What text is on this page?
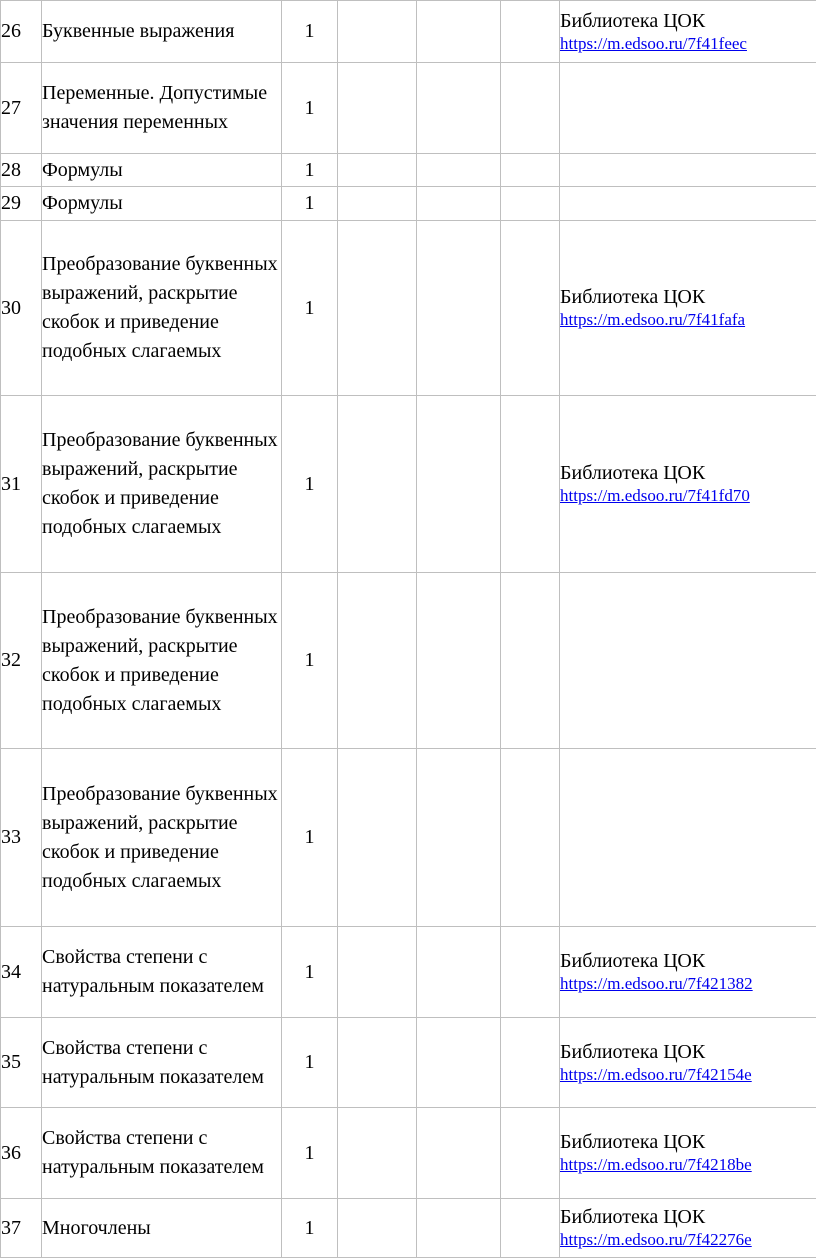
26	Буквенные выражения	1				Библиотека ЦОК
https://m.edsoo.ru/7f41feec

27	Переменные. Допустимые значения переменных	1				
28	Формулы	1				
29	Формулы	1				
30	Преобразование буквенных выражений, раскрытие скобок и приведение подобных слагаемых	1				Библиотека ЦОК
https://m.edsoo.ru/7f41fafa

31	Преобразование буквенных выражений, раскрытие скобок и приведение подобных слагаемых	1				Библиотека ЦОК
https://m.edsoo.ru/7f41fd70

32	Преобразование буквенных выражений, раскрытие скобок и приведение подобных слагаемых	1				
33	Преобразование буквенных выражений, раскрытие скобок и приведение подобных слагаемых	1				
34	Свойства степени с натуральным показателем	1				Библиотека ЦОК
https://m.edsoo.ru/7f421382

35	Свойства степени с натуральным показателем	1				Библиотека ЦОК
https://m.edsoo.ru/7f42154e

36	Свойства степени с натуральным показателем	1				Библиотека ЦОК
https://m.edsoo.ru/7f4218be

37	Многочлены	1				Библиотека ЦОК
https://m.edsoo.ru/7f42276e
